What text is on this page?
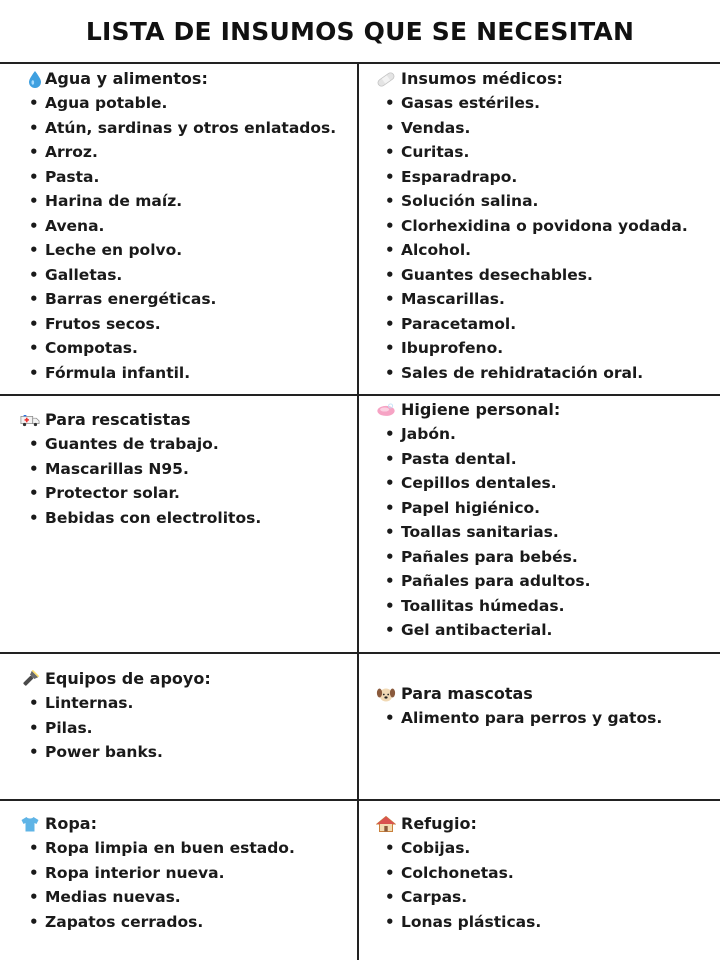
LISTA DE INSUMOS QUE SE NECESITAN
Agua y alimentos:
• Agua potable.
• Atún, sardinas y otros enlatados.
• Arroz.
• Pasta.
• Harina de maíz.
• Avena.
• Leche en polvo.
• Galletas.
• Barras energéticas.
• Frutos secos.
• Compotas.
• Fórmula infantil.
Insumos médicos:
• Gasas estériles.
• Vendas.
• Curitas.
• Esparadrapo.
• Solución salina.
• Clorhexidina o povidona yodada.
• Alcohol.
• Guantes desechables.
• Mascarillas.
• Paracetamol.
• Ibuprofeno.
• Sales de rehidratación oral.
Para rescatistas
• Guantes de trabajo.
• Mascarillas N95.
• Protector solar.
• Bebidas con electrolitos.
Higiene personal:
• Jabón.
• Pasta dental.
• Cepillos dentales.
• Papel higiénico.
• Toallas sanitarias.
• Pañales para bebés.
• Pañales para adultos.
• Toallitas húmedas.
• Gel antibacterial.
Equipos de apoyo:
• Linternas.
• Pilas.
• Power banks.
Para mascotas
• Alimento para perros y gatos.
Ropa:
• Ropa limpia en buen estado.
• Ropa interior nueva.
• Medias nuevas.
• Zapatos cerrados.
Refugio:
• Cobijas.
• Colchonetas.
• Carpas.
• Lonas plásticas.
